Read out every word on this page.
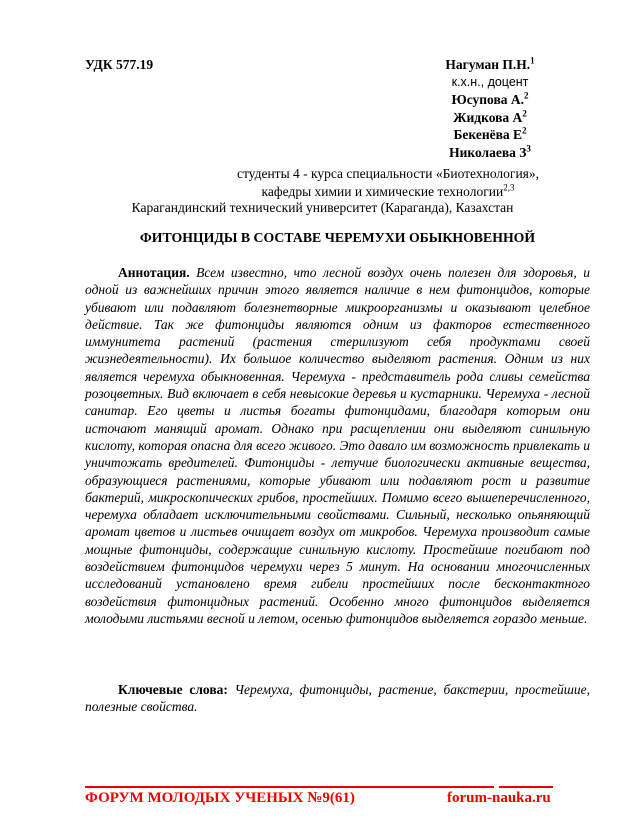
УДК 577.19	Нагуман П.Н.$^1$
к.х.н., доцент
Юсупова А.$^2$
Жидкова $А^2$
Бекенёва $Е^2$
Николаева $З^3$
студенты 4 - курса специальности «Биотехнология»,
кафедры химии и химические технологии$^{2,3}$
Карагандинский технический университет (Караганда), Казахстан
ФИТОНЦИДЫ В СОСТАВЕ ЧЕРЕМУХИ ОБЫКНОВЕННОЙ
Аннотация. Всем известно, что лесной воздух очень полезен для здоровья, и одной из важнейших причин этого является наличие в нем фитонцидов, которые убивают или подавляют болезнетворные микроорганизмы и оказывают целебное действие. Так же фитонциды являются одним из факторов естественного иммунитета растений (растения стерилизуют себя продуктами своей жизнедеятельности). Их большое количество выделяют растения. Одним из них является черемуха обыкновенная. Черемуха - представитель рода сливы семейства розоцветных. Вид включает в себя невысокие деревья и кустарники. Черемуха - лесной санитар. Его цветы и листья богаты фитонцидами, благодаря которым они источают манящий аромат. Однако при расщеплении они выделяют синильную кислоту, которая опасна для всего живого. Это давало им возможность привлекать и уничтожать вредителей. Фитонциды - летучие биологически активные вещества, образующиеся растениями, которые убивают или подавляют рост и развитие бактерий, микроскопических грибов, простейших. Помимо всего вышеперечисленного, черемуха обладает исключительными свойствами. Сильный, несколько опьяняющий аромат цветов и листьев очищает воздух от микробов. Черемуха производит самые мощные фитонциды, содержащие синильную кислоту. Простейшие погибают под воздействием фитонцидов черемухи через 5 минут. На основании многочисленных исследований установлено время гибели простейших после бесконтактного воздействия фитонцидных растений. Особенно много фитонцидов выделяется молодыми листьями весной и летом, осенью фитонцидов выделяется гораздо меньше.
Ключевые слова: Черемуха, фитонциды, растение, бакстерии, простейшие, полезные свойства.
ФОРУМ МОЛОДЫХ УЧЕНЫХ №9(61)	forum-nauka.ru
